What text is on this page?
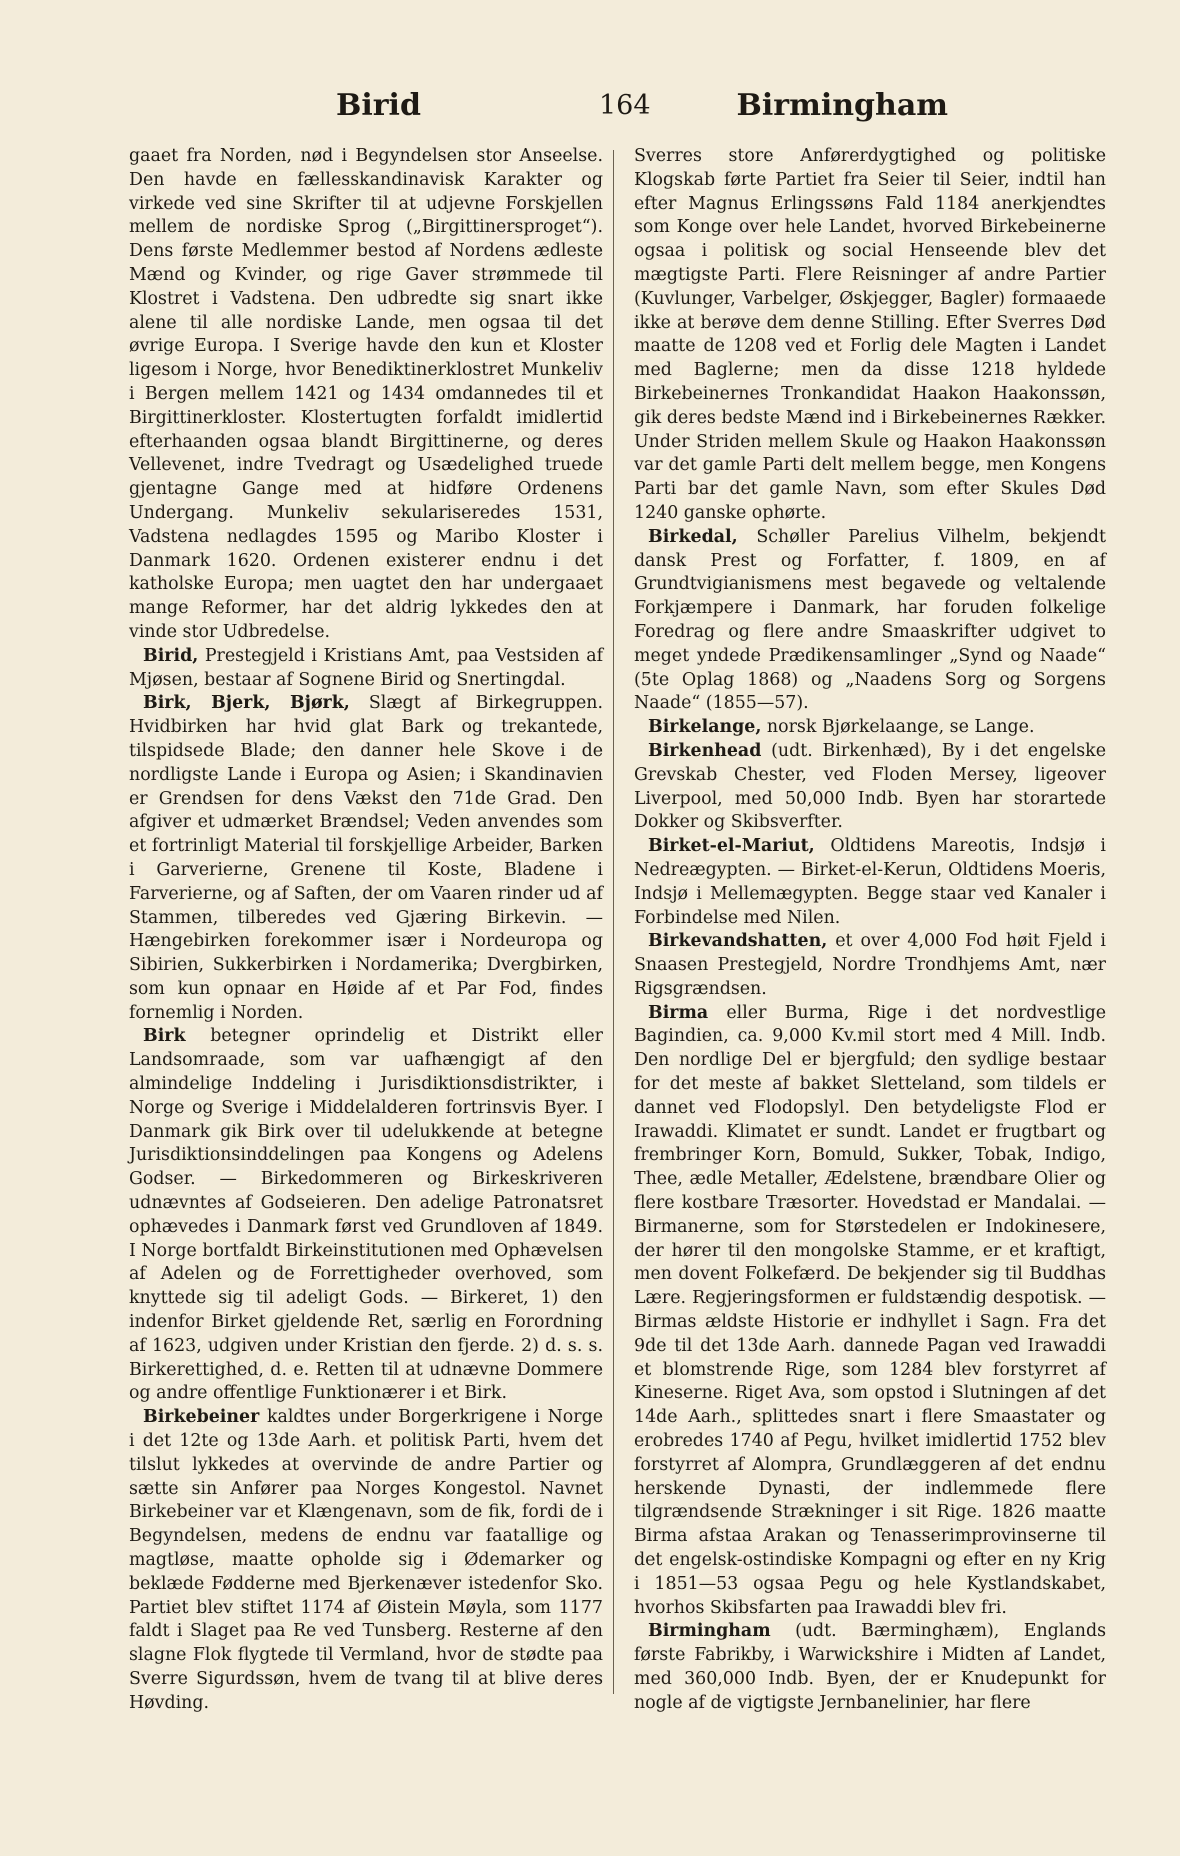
Birid	164	Birmingham

gaaet fra Norden, nød i Begyndelsen stor Anseelse. Den havde en fællesskandinavisk Karakter og virkede ved sine Skrifter til at udjevne Forskjellen mellem de nordiske Sprog („Birgittinersproget“). Dens første Medlemmer bestod af Nordens ædleste Mænd og Kvinder, og rige Gaver strømmede til Klostret i Vadstena. Den udbredte sig snart ikke alene til alle nordiske Lande, men ogsaa til det øvrige Europa. I Sverige havde den kun et Kloster ligesom i Norge, hvor Benediktinerklostret Munkeliv i Bergen mellem 1421 og 1434 omdannedes til et Birgittinerkloster. Klostertugten forfaldt imidlertid efterhaanden ogsaa blandt Birgittinerne, og deres Vellevenet, indre Tvedragt og Usædelighed truede gjentagne Gange med at hidføre Ordenens Undergang. Munkeliv sekulariseredes 1531, Vadstena nedlagdes 1595 og Maribo Kloster i Danmark 1620. Ordenen existerer endnu i det katholske Europa; men uagtet den har undergaaet mange Reformer, har det aldrig lykkedes den at vinde stor Udbredelse.

Birid, Prestegjeld i Kristians Amt, paa Vestsiden af Mjøsen, bestaar af Sognene Birid og Snertingdal.

Birk, Bjerk, Bjørk, Slægt af Birkegruppen. Hvidbirken har hvid glat Bark og trekantede, tilspidsede Blade; den danner hele Skove i de nordligste Lande i Europa og Asien; i Skandinavien er Grendsen for dens Vækst den 71de Grad. Den afgiver et udmærket Brændsel; Veden anvendes som et fortrinligt Material til forskjellige Arbeider, Barken i Garverierne, Grenene til Koste, Bladene i Farverierne, og af Saften, der om Vaaren rinder ud af Stammen, tilberedes ved Gjæring Birkevin. — Hængebirken forekommer især i Nordeuropa og Sibirien, Sukkerbirken i Nordamerika; Dvergbirken, som kun opnaar en Høide af et Par Fod, findes fornemlig i Norden.

Birk betegner oprindelig et Distrikt eller Landsomraade, som var uafhængigt af den almindelige Inddeling i Jurisdiktionsdistrikter, i Norge og Sverige i Middelalderen fortrinsvis Byer. I Danmark gik Birk over til udelukkende at betegne Jurisdiktionsinddelingen paa Kongens og Adelens Godser. — Birkedommeren og Birkeskriveren udnævntes af Godseieren. Den adelige Patronatsret ophævedes i Danmark først ved Grundloven af 1849. I Norge bortfaldt Birkeinstitutionen med Ophævelsen af Adelen og de Forrettigheder overhoved, som knyttede sig til adeligt Gods. — Birkeret, 1) den indenfor Birket gjeldende Ret, særlig en Forordning af 1623, udgiven under Kristian den fjerde. 2) d. s. s. Birkerettighed, d. e. Retten til at udnævne Dommere og andre offentlige Funktionærer i et Birk.

Birkebeiner kaldtes under Borgerkrigene i Norge i det 12te og 13de Aarh. et politisk Parti, hvem det tilslut lykkedes at overvinde de andre Partier og sætte sin Anfører paa Norges Kongestol. Navnet Birkebeiner var et Klængenavn, som de fik, fordi de i Begyndelsen, medens de endnu var faatallige og magtløse, maatte opholde sig i Ødemarker og beklæde Fødderne med Bjerkenæver istedenfor Sko. Partiet blev stiftet 1174 af Øistein Møyla, som 1177 faldt i Slaget paa Re ved Tunsberg. Resterne af den slagne Flok flygtede til Vermland, hvor de stødte paa Sverre Sigurdssøn, hvem de tvang til at blive deres Høvding.

Sverres store Anførerdygtighed og politiske Klogskab førte Partiet fra Seier til Seier, indtil han efter Magnus Erlingssøns Fald 1184 anerkjendtes som Konge over hele Landet, hvorved Birkebeinerne ogsaa i politisk og social Henseende blev det mægtigste Parti. Flere Reisninger af andre Partier (Kuvlunger, Varbelger, Øskjegger, Bagler) formaaede ikke at berøve dem denne Stilling. Efter Sverres Død maatte de 1208 ved et Forlig dele Magten i Landet med Baglerne; men da disse 1218 hyldede Birkebeinernes Tronkandidat Haakon Haakonssøn, gik deres bedste Mænd ind i Birkebeinernes Rækker. Under Striden mellem Skule og Haakon Haakonssøn var det gamle Parti delt mellem begge, men Kongens Parti bar det gamle Navn, som efter Skules Død 1240 ganske ophørte.

Birkedal, Schøller Parelius Vilhelm, bekjendt dansk Prest og Forfatter, f. 1809, en af Grundtvigianismens mest begavede og veltalende Forkjæmpere i Danmark, har foruden folkelige Foredrag og flere andre Smaaskrifter udgivet to meget yndede Prædikensamlinger „Synd og Naade“ (5te Oplag 1868) og „Naadens Sorg og Sorgens Naade“ (1855—57).

Birkelange, norsk Bjørkelaange, se Lange.

Birkenhead (udt. Birkenhæd), By i det engelske Grevskab Chester, ved Floden Mersey, ligeover Liverpool, med 50,000 Indb. Byen har storartede Dokker og Skibsverfter.

Birket-el-Mariut, Oldtidens Mareotis, Indsjø i Nedreægypten. — Birket-el-Kerun, Oldtidens Moeris, Indsjø i Mellemægypten. Begge staar ved Kanaler i Forbindelse med Nilen.

Birkevandshatten, et over 4,000 Fod høit Fjeld i Snaasen Prestegjeld, Nordre Trondhjems Amt, nær Rigsgrændsen.

Birma eller Burma, Rige i det nordvestlige Bagindien, ca. 9,000 Kv.mil stort med 4 Mill. Indb. Den nordlige Del er bjergfuld; den sydlige bestaar for det meste af bakket Sletteland, som tildels er dannet ved Flodopslyl. Den betydeligste Flod er Irawaddi. Klimatet er sundt. Landet er frugtbart og frembringer Korn, Bomuld, Sukker, Tobak, Indigo, Thee, ædle Metaller, Ædelstene, brændbare Olier og flere kostbare Træsorter. Hovedstad er Mandalai. — Birmanerne, som for Størstedelen er Indokinesere, der hører til den mongolske Stamme, er et kraftigt, men dovent Folkefærd. De bekjender sig til Buddhas Lære. Regjeringsformen er fuldstændig despotisk. — Birmas ældste Historie er indhyllet i Sagn. Fra det 9de til det 13de Aarh. dannede Pagan ved Irawaddi et blomstrende Rige, som 1284 blev forstyrret af Kineserne. Riget Ava, som opstod i Slutningen af det 14de Aarh., splittedes snart i flere Smaastater og erobredes 1740 af Pegu, hvilket imidlertid 1752 blev forstyrret af Alompra, Grundlæggeren af det endnu herskende Dynasti, der indlemmede flere tilgrændsende Strækninger i sit Rige. 1826 maatte Birma afstaa Arakan og Tenasserimprovinserne til det engelsk-ostindiske Kompagni og efter en ny Krig i 1851—53 ogsaa Pegu og hele Kystlandskabet, hvorhos Skibsfarten paa Irawaddi blev fri.

Birmingham (udt. Bærminghæm), Englands første Fabrikby, i Warwickshire i Midten af Landet, med 360,000 Indb. Byen, der er Knudepunkt for nogle af de vigtigste Jernbanelinier, har flere
